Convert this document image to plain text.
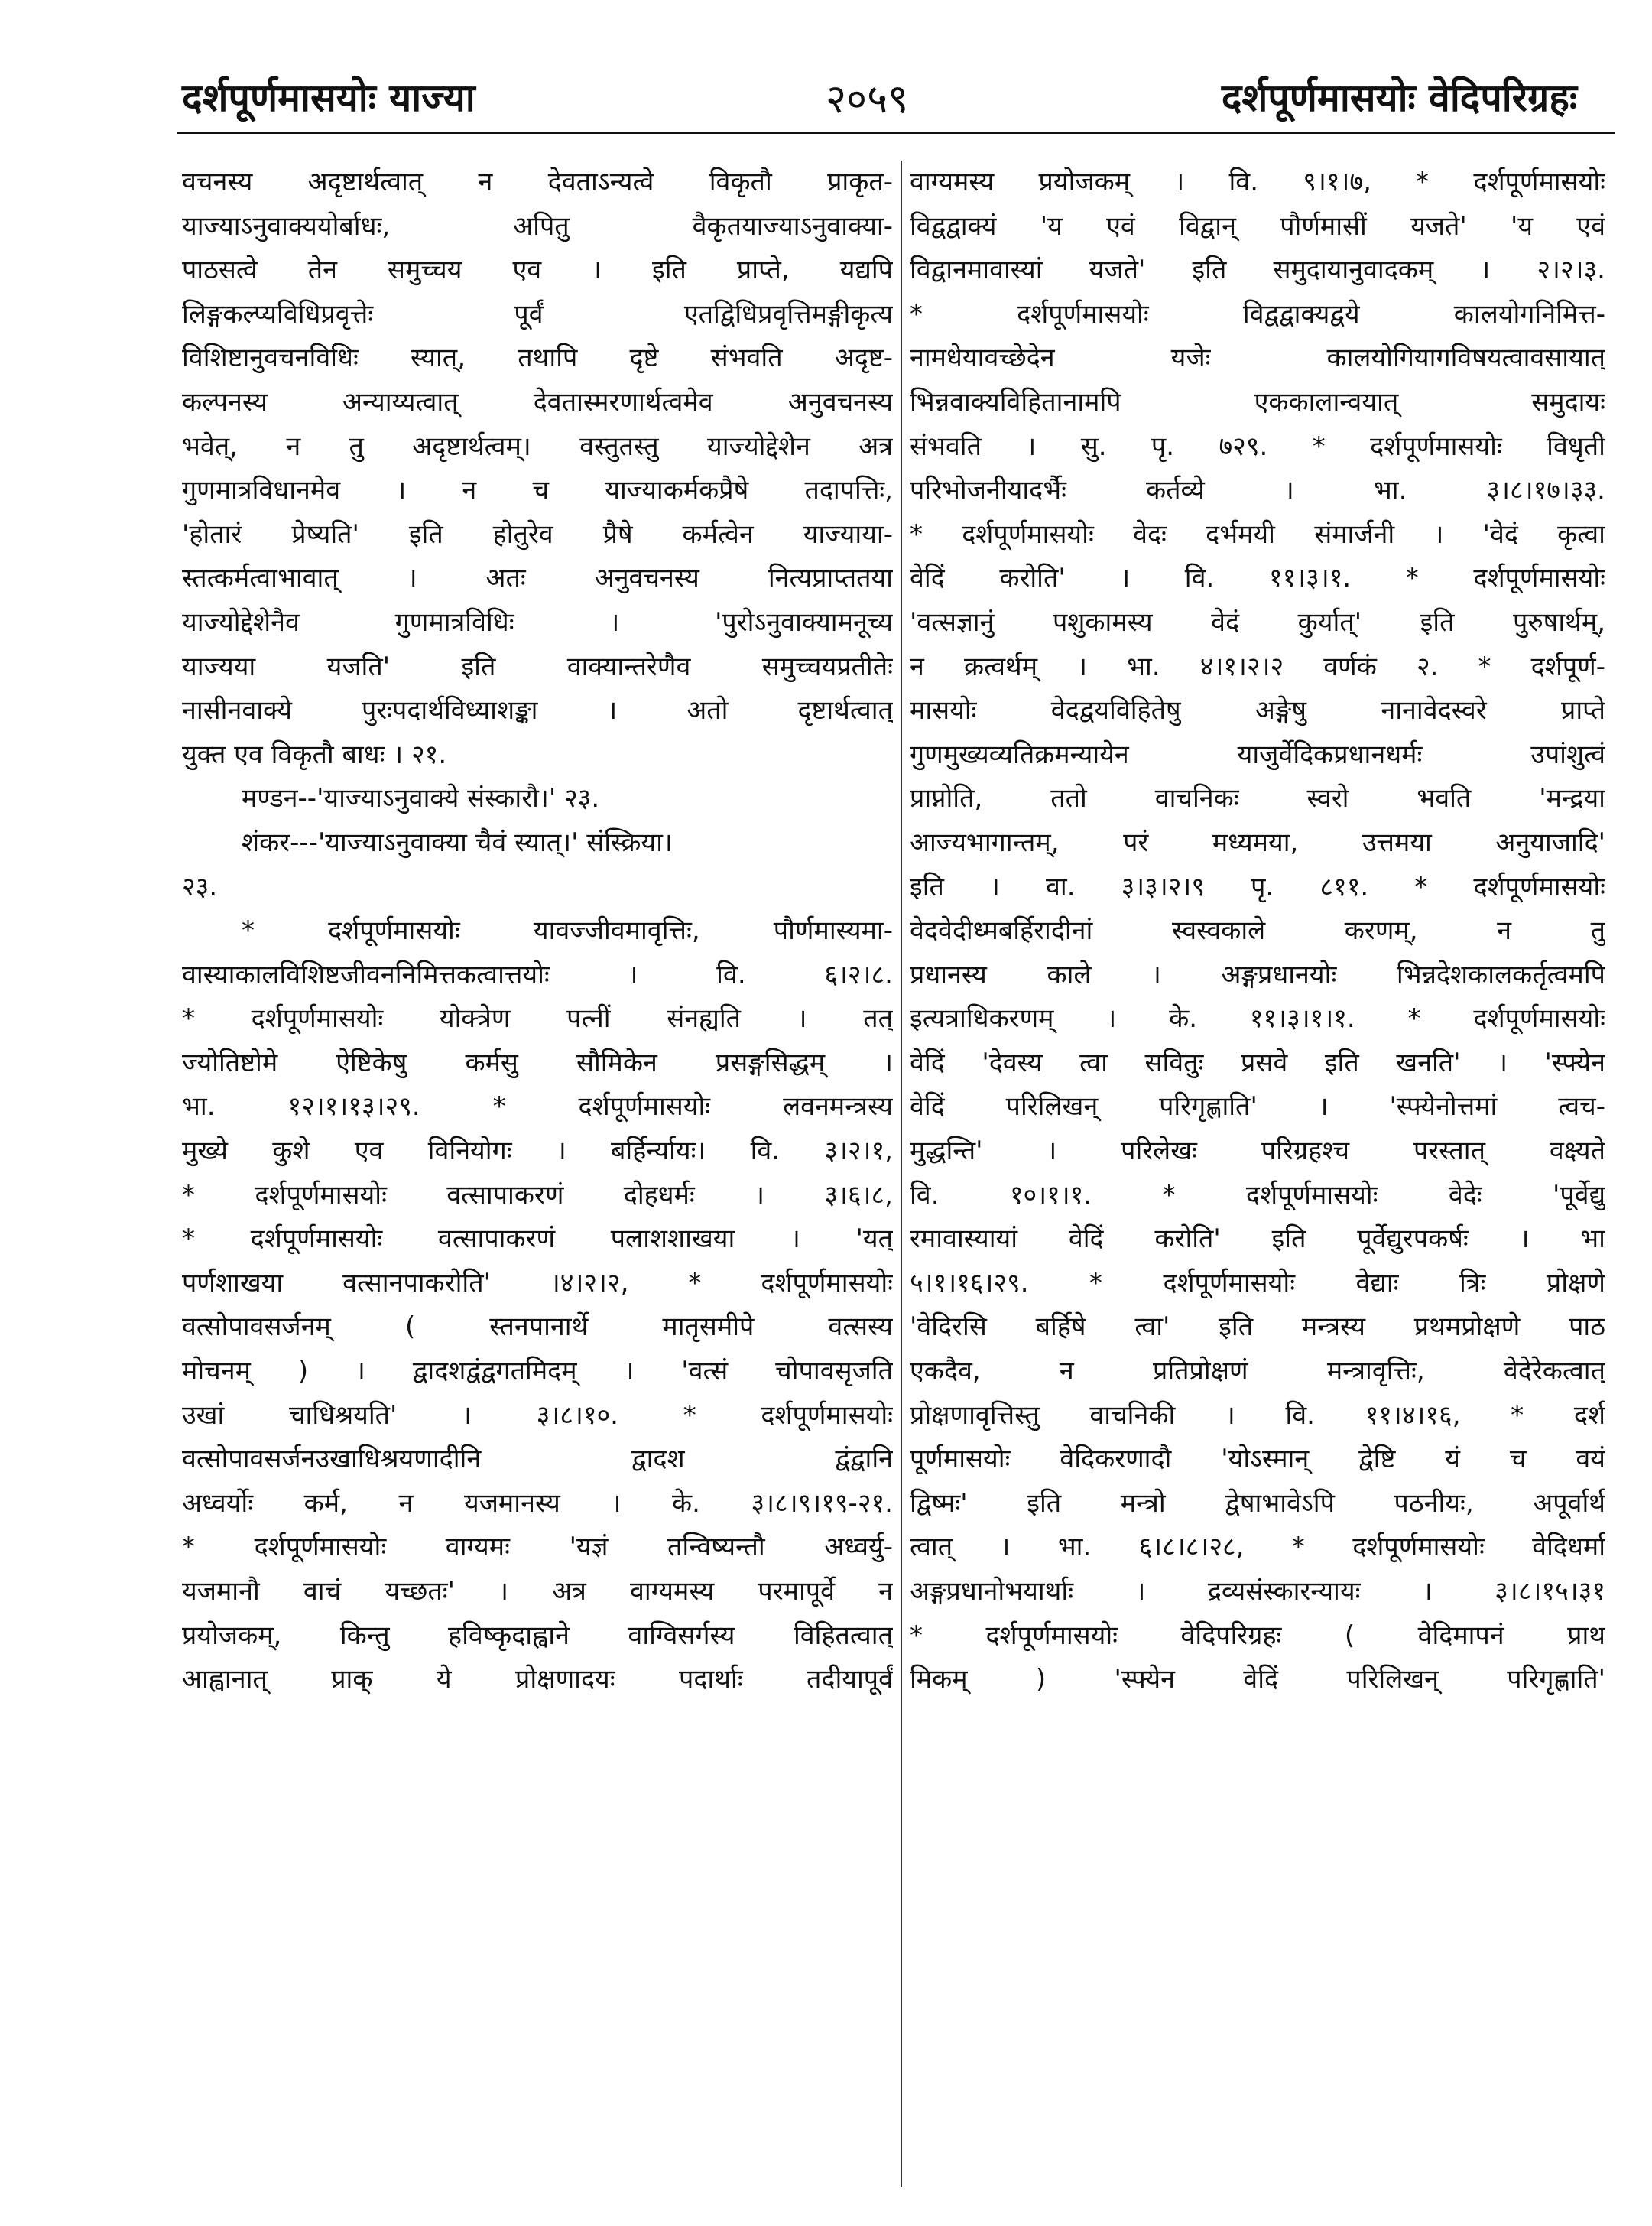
दर्शपूर्णमासयोः याज्या	२०५९	दर्शपूर्णमासयोः वेदिपरिग्रहः
वचनस्य अदृष्टार्थत्वात् न देवताऽन्यत्वे विकृतौ प्राकृत-
याज्याऽनुवाक्ययोर्बाधः, अपितु वैकृतयाज्याऽनुवाक्या-
पाठसत्वे तेन समुच्चय एव । इति प्राप्ते, यद्यपि
लिङ्गकल्प्यविधिप्रवृत्तेः पूर्वं एतद्विधिप्रवृत्तिमङ्गीकृत्य
विशिष्टानुवचनविधिः स्यात्, तथापि दृष्टे संभवति अदृष्ट-
कल्पनस्य अन्याय्यत्वात् देवतास्मरणार्थत्वमेव अनुवचनस्य
भवेत्, न तु अदृष्टार्थत्वम्। वस्तुतस्तु याज्योद्देशेन अत्र
गुणमात्रविधानमेव । न च याज्याकर्मकप्रैषे तदापत्तिः,
'होतारं प्रेष्यति' इति होतुरेव प्रैषे कर्मत्वेन याज्याया-
स्तत्कर्मत्वाभावात् । अतः अनुवचनस्य नित्यप्राप्ततया
याज्योद्देशेनैव गुणमात्रविधिः । 'पुरोऽनुवाक्यामनूच्य
याज्यया यजति' इति वाक्यान्तरेणैव समुच्चयप्रतीतेः
नासीनवाक्ये पुरःपदार्थविध्याशङ्का । अतो दृष्टार्थत्वात्
युक्त एव विकृतौ बाधः । २१.
मण्डन--'याज्याऽनुवाक्ये संस्कारौ।' २३.
शंकर---'याज्याऽनुवाक्या चैवं स्यात्।' संस्क्रिया।
२३.
* दर्शपूर्णमासयोः यावज्जीवमावृत्तिः, पौर्णमास्यमा-
वास्याकालविशिष्टजीवननिमित्तकत्वात्तयोः । वि. ६।२।८.
* दर्शपूर्णमासयोः योक्त्रेण पत्नीं संनह्यति । तत्
ज्योतिष्टोमे ऐष्टिकेषु कर्मसु सौमिकेन प्रसङ्गसिद्धम् ।
भा. १२।१।१३।२९. * दर्शपूर्णमासयोः लवनमन्त्रस्य
मुख्ये कुशे एव विनियोगः । बर्हिर्न्यायः। वि. ३।२।१,
* दर्शपूर्णमासयोः वत्सापाकरणं दोहधर्मः । ३।६।८,
* दर्शपूर्णमासयोः वत्सापाकरणं पलाशशाखया । 'यत्
पर्णशाखया वत्सानपाकरोति' ।४।२।२, * दर्शपूर्णमासयोः
वत्सोपावसर्जनम् ( स्तनपानार्थे मातृसमीपे वत्सस्य
मोचनम् ) । द्वादशद्वंद्वगतमिदम् । 'वत्सं चोपावसृजति
उखां चाधिश्रयति' । ३।८।१०. * दर्शपूर्णमासयोः
वत्सोपावसर्जनउखाधिश्रयणादीनि द्वादश द्वंद्वानि
अध्वर्योः कर्म, न यजमानस्य । के. ३।८।९।१९-२१.
* दर्शपूर्णमासयोः वाग्यमः 'यज्ञं तन्विष्यन्तौ अध्वर्यु-
यजमानौ वाचं यच्छतः' । अत्र वाग्यमस्य परमापूर्वे न
प्रयोजकम्, किन्तु हविष्कृदाह्वाने वाग्विसर्गस्य विहितत्वात्
आह्वानात् प्राक् ये प्रोक्षणादयः पदार्थाः तदीयापूर्वं
वाग्यमस्य प्रयोजकम् । वि. ९।१।७, * दर्शपूर्णमासयोः
विद्वद्वाक्यं 'य एवं विद्वान् पौर्णमासीं यजते' 'य एवं
विद्वानमावास्यां यजते' इति समुदायानुवादकम् । २।२।३.
* दर्शपूर्णमासयोः विद्वद्वाक्यद्वये कालयोगनिमित्त-
नामधेयावच्छेदेन यजेः कालयोगियागविषयत्वावसायात्
भिन्नवाक्यविहितानामपि एककालान्वयात् समुदायः
संभवति । सु. पृ. ७२९. * दर्शपूर्णमासयोः विधृती
परिभोजनीयादर्भैः कर्तव्ये । भा. ३।८।१७।३३.
* दर्शपूर्णमासयोः वेदः दर्भमयी संमार्जनी । 'वेदं कृत्वा
वेदिं करोति' । वि. ११।३।१. * दर्शपूर्णमासयोः
'वत्सज्ञानुं पशुकामस्य वेदं कुर्यात्' इति पुरुषार्थम्,
न क्रत्वर्थम् । भा. ४।१।२।२ वर्णकं २. * दर्शपूर्ण-
मासयोः वेदद्वयविहितेषु अङ्गेषु नानावेदस्वरे प्राप्ते
गुणमुख्यव्यतिक्रमन्यायेन याजुर्वेदिकप्रधानधर्मः उपांशुत्वं
प्राप्नोति, ततो वाचनिकः स्वरो भवति 'मन्द्रया
आज्यभागान्तम्, परं मध्यमया, उत्तमया अनुयाजादि'
इति । वा. ३।३।२।९ पृ. ८११. * दर्शपूर्णमासयोः
वेदवेदीध्मबर्हिरादीनां स्वस्वकाले करणम्, न तु
प्रधानस्य काले । अङ्गप्रधानयोः भिन्नदेशकालकर्तृत्वमपि
इत्यत्राधिकरणम् । के. ११।३।१।१. * दर्शपूर्णमासयोः
वेदिं 'देवस्य त्वा सवितुः प्रसवे इति खनति' । 'स्फ्येन
वेदिं परिलिखन् परिगृह्णाति' । 'स्फ्येनोत्तमां त्वच-
मुद्धन्ति' । परिलेखः परिग्रहश्च परस्तात् वक्ष्यते
वि. १०।१।१. * दर्शपूर्णमासयोः वेदेः 'पूर्वेद्यु
रमावास्यायां वेदिं करोति' इति पूर्वेद्युरपकर्षः । भा
५।१।१६।२९. * दर्शपूर्णमासयोः वेद्याः त्रिः प्रोक्षणे
'वेदिरसि बर्हिषे त्वा' इति मन्त्रस्य प्रथमप्रोक्षणे पाठ
एकदैव, न प्रतिप्रोक्षणं मन्त्रावृत्तिः, वेदेरेकत्वात्
प्रोक्षणावृत्तिस्तु वाचनिकी । वि. ११।४।१६, * दर्श
पूर्णमासयोः वेदिकरणादौ 'योऽस्मान् द्वेष्टि यं च वयं
द्विष्मः' इति मन्त्रो द्वेषाभावेऽपि पठनीयः, अपूर्वार्थ
त्वात् । भा. ६।८।८।२८, * दर्शपूर्णमासयोः वेदिधर्मा
अङ्गप्रधानोभयार्थाः । द्रव्यसंस्कारन्यायः । ३।८।१५।३१
* दर्शपूर्णमासयोः वेदिपरिग्रहः ( वेदिमापनं प्राथ
मिकम् ) 'स्फ्येन वेदिं परिलिखन् परिगृह्णाति'
